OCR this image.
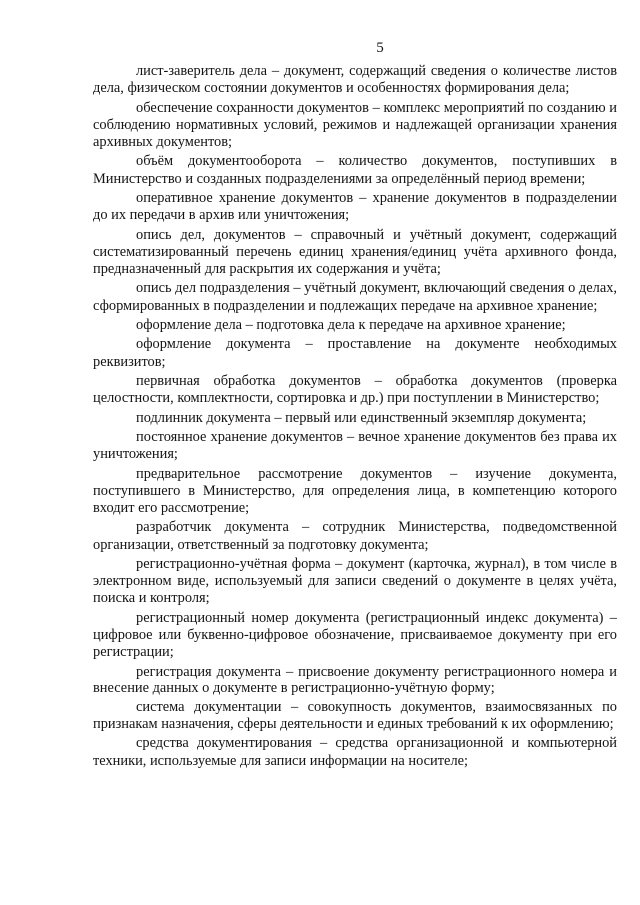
5

лист-заверитель дела – документ, содержащий сведения о количестве листов дела, физическом состоянии документов и особенностях формирования дела;

обеспечение сохранности документов – комплекс мероприятий по созданию и соблюдению нормативных условий, режимов и надлежащей организации хранения архивных документов;

объём документооборота – количество документов, поступивших в Министерство и созданных подразделениями за определённый период времени;

оперативное хранение документов – хранение документов в подразделении до их передачи в архив или уничтожения;

опись дел, документов – справочный и учётный документ, содержащий систематизированный перечень единиц хранения/единиц учёта архивного фонда, предназначенный для раскрытия их содержания и учёта;

опись дел подразделения – учётный документ, включающий сведения о делах, сформированных в подразделении и подлежащих передаче на архивное хранение;

оформление дела – подготовка дела к передаче на архивное хранение;

оформление документа – проставление на документе необходимых реквизитов;

первичная обработка документов – обработка документов (проверка целостности, комплектности, сортировка и др.) при поступлении в Министерство;

подлинник документа – первый или единственный экземпляр документа;

постоянное хранение документов – вечное хранение документов без права их уничтожения;

предварительное рассмотрение документов – изучение документа, поступившего в Министерство, для определения лица, в компетенцию которого входит его рассмотрение;

разработчик документа – сотрудник Министерства, подведомственной организации, ответственный за подготовку документа;

регистрационно-учётная форма – документ (карточка, журнал), в том числе в электронном виде, используемый для записи сведений о документе в целях учёта, поиска и контроля;

регистрационный номер документа (регистрационный индекс документа) – цифровое или буквенно-цифровое обозначение, присваиваемое документу при его регистрации;

регистрация документа – присвоение документу регистрационного номера и внесение данных о документе в регистрационно-учётную форму;

система документации – совокупность документов, взаимосвязанных по признакам назначения, сферы деятельности и единых требований к их оформлению;

средства документирования – средства организационной и компьютерной техники, используемые для записи информации на носителе;
